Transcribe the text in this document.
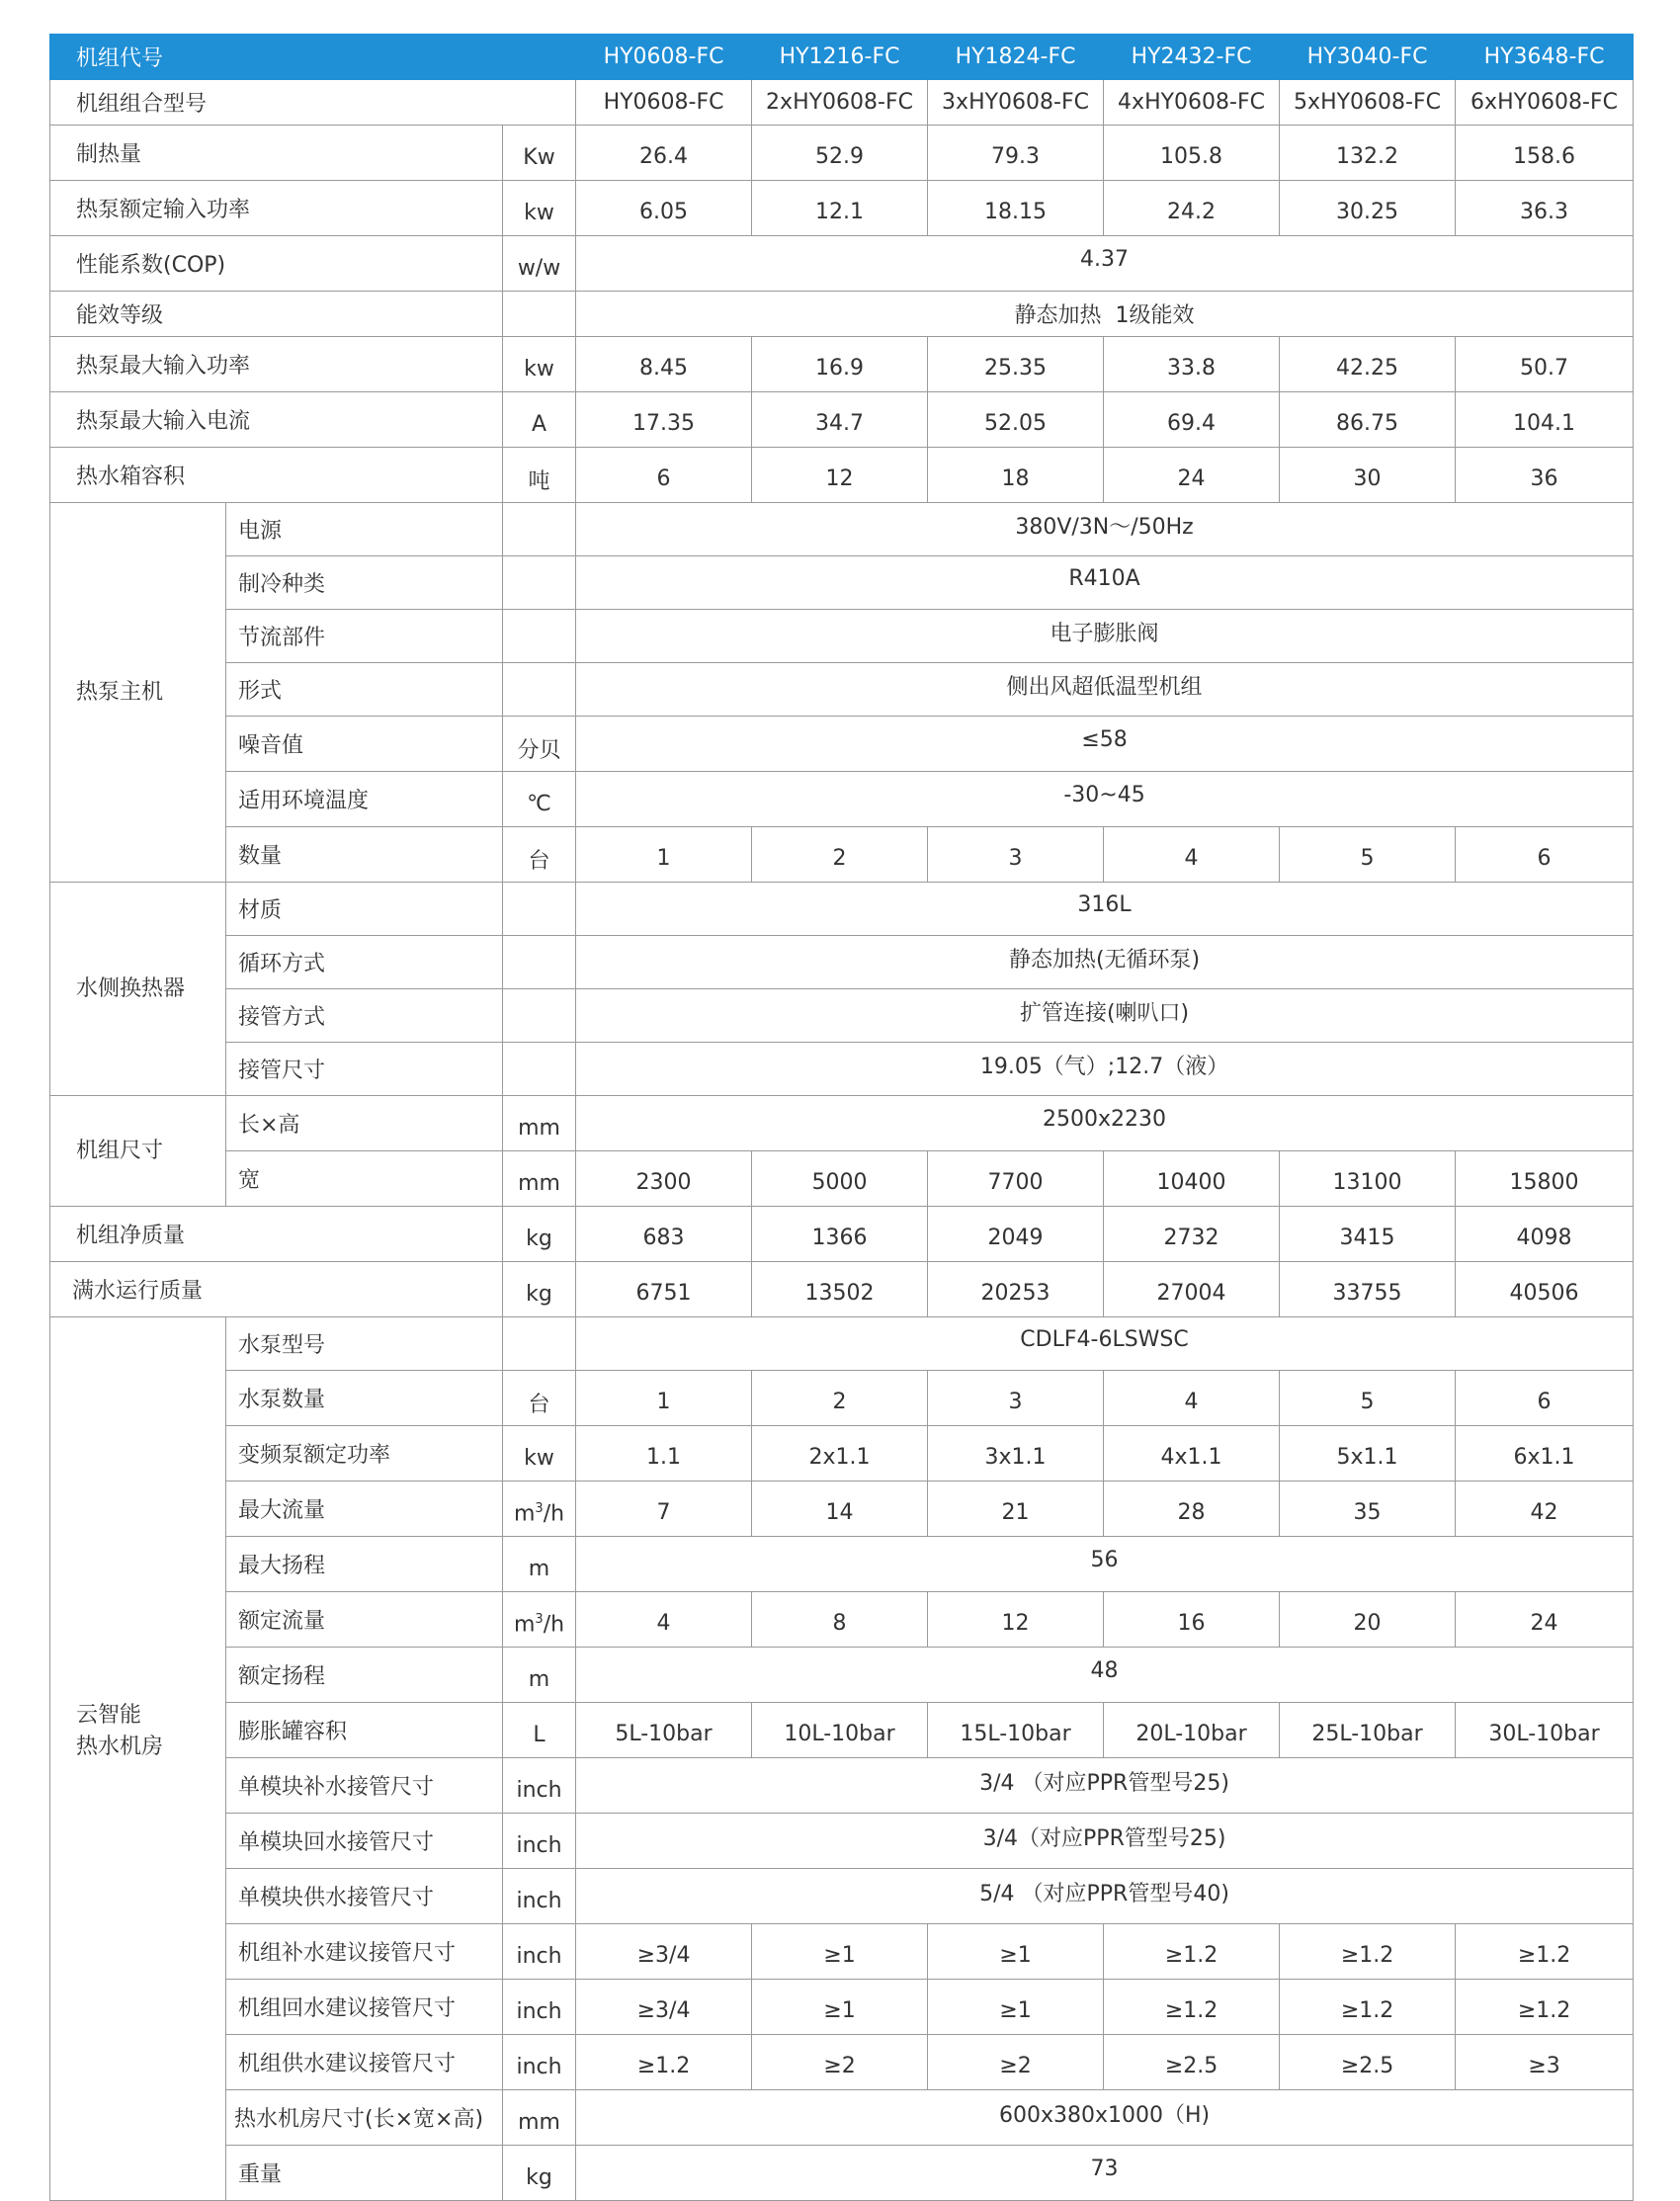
机组代号			HY0608-FC	HY1216-FC	HY1824-FC	HY2432-FC	HY3040-FC	HY3648-FC
机组组合型号			HY0608-FC	2xHY0608-FC	3xHY0608-FC	4xHY0608-FC	5xHY0608-FC	6xHY0608-FC
制热量		Kw	26.4	52.9	79.3	105.8	132.2	158.6
热泵额定输入功率		kw	6.05	12.1	18.15	24.2	30.25	36.3
性能系数(COP)		w/w	4.37					
能效等级			静态加热  1级能效					
热泵最大输入功率		kw	8.45	16.9	25.35	33.8	42.25	50.7
热泵最大输入电流		A	17.35	34.7	52.05	69.4	86.75	104.1
热水箱容积		吨	6	12	18	24	30	36
热泵主机	电源		380V/3N～/50Hz					
	制冷种类		R410A					
	节流部件		电子膨胀阀					
	形式		侧出风超低温型机组					
	噪音值	分贝	≤58					
	适用环境温度	℃	-30~45					
	数量	台	1	2	3	4	5	6
水侧换热器	材质		316L					
	循环方式		静态加热(无循环泵)					
	接管方式		扩管连接(喇叭口)					
	接管尺寸		19.05（气）;12.7（液）					
机组尺寸	长×高	mm	2500x2230					
	宽	mm	2300	5000	7700	10400	13100	15800
机组净质量		kg	683	1366	2049	2732	3415	4098
满水运行质量		kg	6751	13502	20253	27004	33755	40506
云智能
热水机房	水泵型号		CDLF4-6LSWSC					
	水泵数量	台	1	2	3	4	5	6
	变频泵额定功率	kw	1.1	2x1.1	3x1.1	4x1.1	5x1.1	6x1.1
	最大流量	$m^3/h$	7	14	21	28	35	42
	最大扬程	m	56					
	额定流量	$m^3/h$	4	8	12	16	20	24
	额定扬程	m	48					
	膨胀罐容积	L	5L-10bar	10L-10bar	15L-10bar	20L-10bar	25L-10bar	30L-10bar
	单模块补水接管尺寸	inch	3/4 （对应PPR管型号25)					
	单模块回水接管尺寸	inch	3/4（对应PPR管型号25)					
	单模块供水接管尺寸	inch	5/4 （对应PPR管型号40)					
	机组补水建议接管尺寸	inch	≥3/4	≥1	≥1	≥1.2	≥1.2	≥1.2
	机组回水建议接管尺寸	inch	≥3/4	≥1	≥1	≥1.2	≥1.2	≥1.2
	机组供水建议接管尺寸	inch	≥1.2	≥2	≥2	≥2.5	≥2.5	≥3
	热水机房尺寸(长×宽×高)	mm	600x380x1000（H)					
	重量	kg	73					
